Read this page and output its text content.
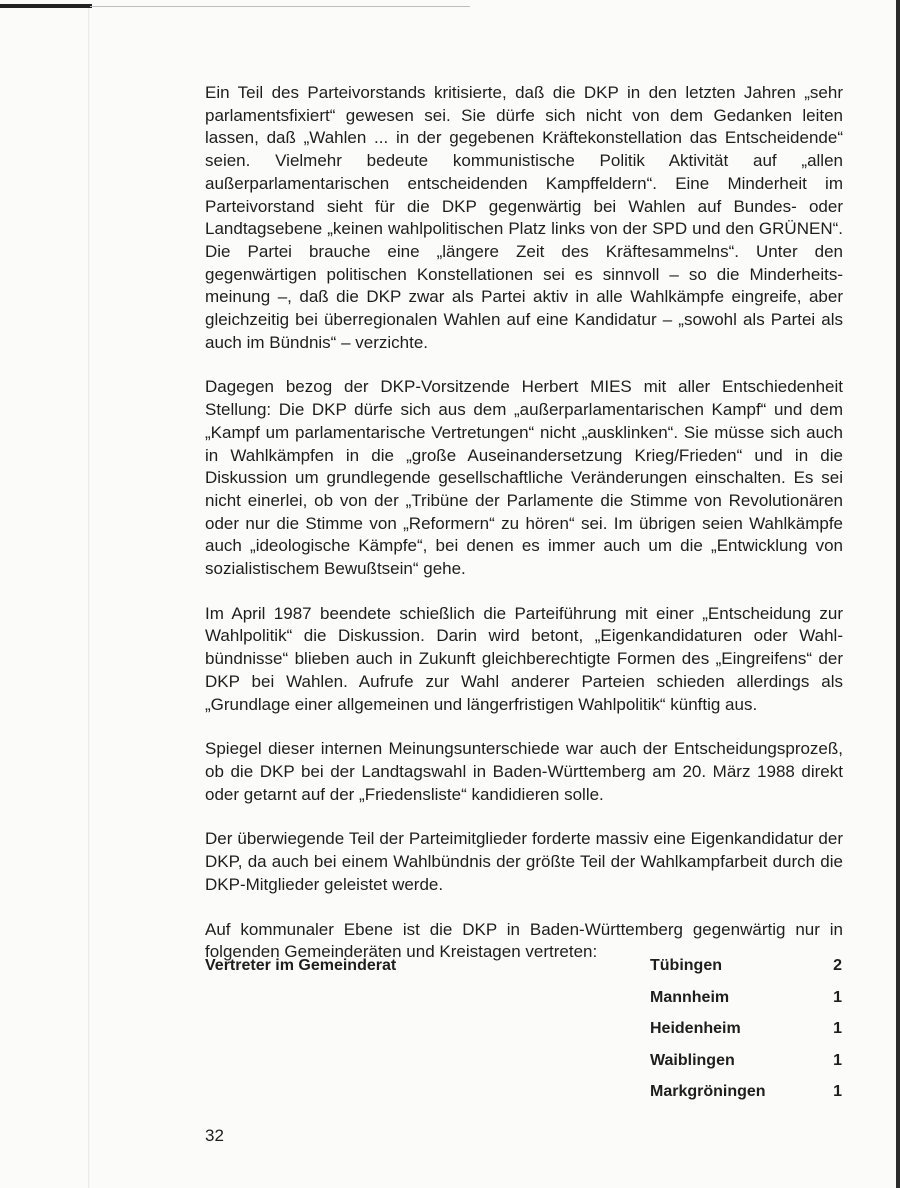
Ein Teil des Parteivorstands kritisierte, daß die DKP in den letzten Jahren „sehr parlamentsfixiert“ gewesen sei. Sie dürfe sich nicht von dem Gedanken leiten lassen, daß „Wahlen ... in der gegebenen Kräftekonstellation das Entscheidende“ seien. Vielmehr bedeute kommunistische Politik Aktivität auf „allen außerparlamentarischen entscheidenden Kampffeldern“. Eine Minderheit im Parteivorstand sieht für die DKP gegenwärtig bei Wahlen auf Bundes- oder Landtagsebene „keinen wahlpolitischen Platz links von der SPD und den GRÜNEN“. Die Partei brauche eine „längere Zeit des Kräftesammelns“. Unter den gegenwärtigen politischen Konstellationen sei es sinnvoll – so die Minderheitsmeinung –, daß die DKP zwar als Partei aktiv in alle Wahlkämpfe eingreife, aber gleichzeitig bei überregionalen Wahlen auf eine Kandidatur – „sowohl als Partei als auch im Bündnis“ – verzichte.

Dagegen bezog der DKP-Vorsitzende Herbert MIES mit aller Entschiedenheit Stellung: Die DKP dürfe sich aus dem „außerparlamentarischen Kampf“ und dem „Kampf um parlamentarische Vertretungen“ nicht „ausklinken“. Sie müsse sich auch in Wahlkämpfen in die „große Auseinandersetzung Krieg/Frieden“ und in die Diskussion um grundlegende gesellschaftliche Veränderungen einschalten. Es sei nicht einerlei, ob von der „Tribüne der Parlamente die Stimme von Revolutionären oder nur die Stimme von „Reformern“ zu hören“ sei. Im übrigen seien Wahlkämpfe auch „ideologische Kämpfe“, bei denen es immer auch um die „Entwicklung von sozialistischem Bewußtsein“ gehe.

Im April 1987 beendete schießlich die Parteiführung mit einer „Entscheidung zur Wahlpolitik“ die Diskussion. Darin wird betont, „Eigenkandidaturen oder Wahlbündnisse“ blieben auch in Zukunft gleichberechtigte Formen des „Eingreifens“ der DKP bei Wahlen. Aufrufe zur Wahl anderer Parteien schieden allerdings als „Grundlage einer allgemeinen und längerfristigen Wahlpolitik“ künftig aus.

Spiegel dieser internen Meinungsunterschiede war auch der Entscheidungsprozeß, ob die DKP bei der Landtagswahl in Baden-Württemberg am 20. März 1988 direkt oder getarnt auf der „Friedensliste“ kandidieren solle.

Der überwiegende Teil der Parteimitglieder forderte massiv eine Eigenkandidatur der DKP, da auch bei einem Wahlbündnis der größte Teil der Wahlkampfarbeit durch die DKP-Mitglieder geleistet werde.

Auf kommunaler Ebene ist die DKP in Baden-Württemberg gegenwärtig nur in folgenden Gemeinderäten und Kreistagen vertreten:

Vertreter im Gemeinderat	Tübingen	2
Mannheim	1
Heidenheim	1
Waiblingen	1
Markgröningen	1
32
